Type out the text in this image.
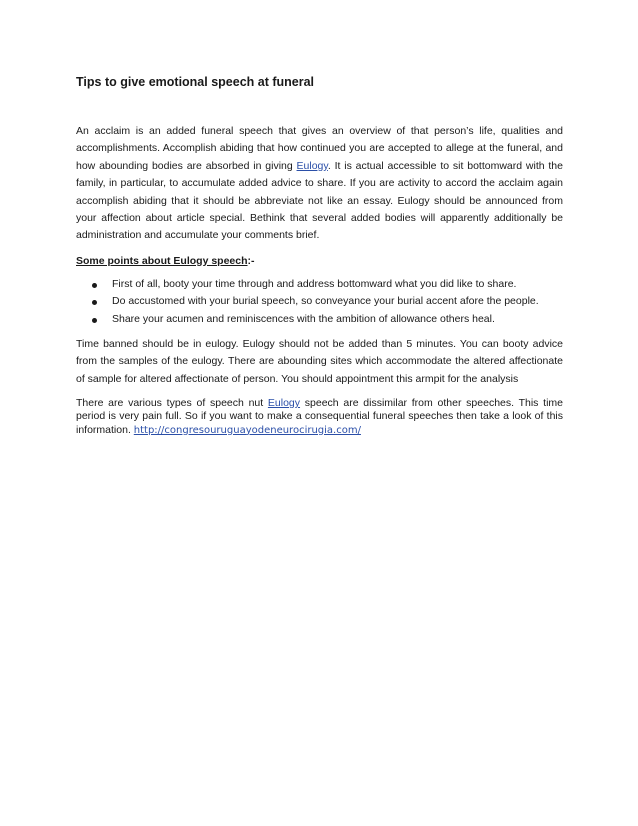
Tips to give emotional speech at funeral

An acclaim is an added funeral speech that gives an overview of that person’s life, qualities and accomplishments. Accomplish abiding that how continued you are accepted to allege at the funeral, and how abounding bodies are absorbed in giving Eulogy. It is actual accessible to sit bottomward with the family, in particular, to accumulate added advice to share. If you are activity to accord the acclaim again accomplish abiding that it should be abbreviate not like an essay. Eulogy should be announced from your affection about article special. Bethink that several added bodies will apparently additionally be administration and accumulate your comments brief.

Some points about Eulogy speech:-
First of all, booty your time through and address bottomward what you did like to share.
Do accustomed with your burial speech, so conveyance your burial accent afore the people.
Share your acumen and reminiscences with the ambition of allowance others heal.

Time banned should be in eulogy. Eulogy should not be added than 5 minutes. You can booty advice from the samples of the eulogy. There are abounding sites which accommodate the altered affectionate of sample for altered affectionate of person. You should appointment this armpit for the analysis

There are various types of speech nut Eulogy speech are dissimilar from other speeches. This time period is very pain full. So if you want to make a consequential funeral speeches then take a look of this information. http://congresouruguayodeneurocirugia.com/
